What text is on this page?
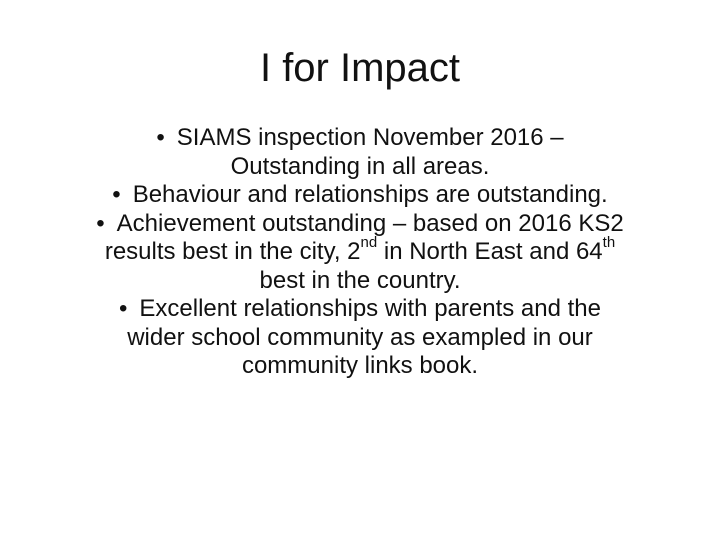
I for Impact
• SIAMS inspection November 2016 –
Outstanding in all areas.
• Behaviour and relationships are outstanding.
• Achievement outstanding – based on 2016 KS2
results best in the city, 2nd in North East and 64th
best in the country.
• Excellent relationships with parents and the
wider school community as exampled in our
community links book.
